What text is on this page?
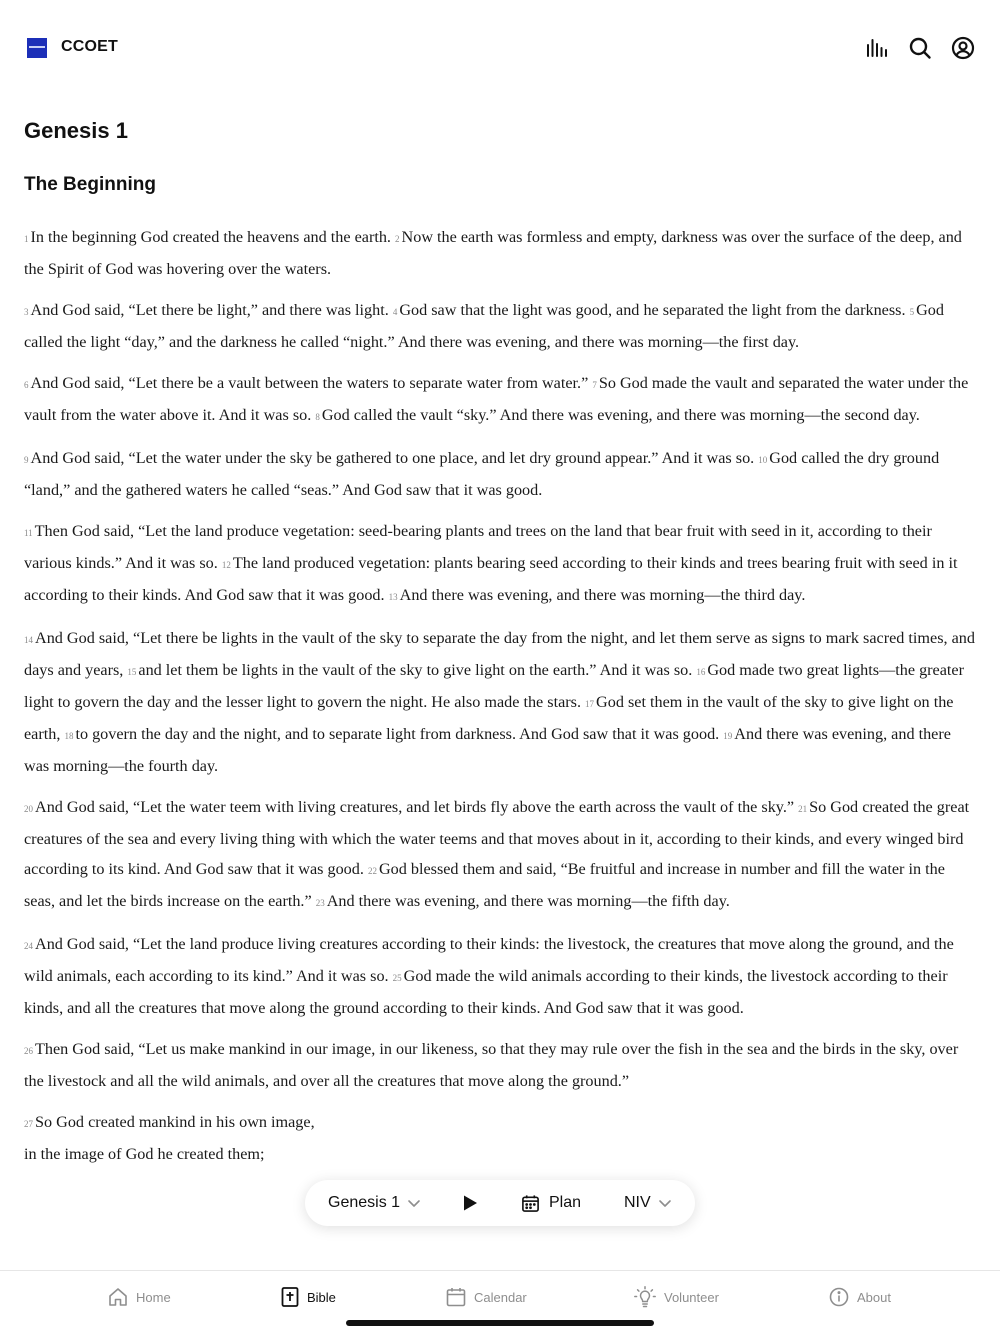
CCOET
Genesis 1
The Beginning

1 In the beginning God created the heavens and the earth. 2 Now the earth was formless and empty, darkness was over the surface of the deep, and the Spirit of God was hovering over the waters.

3 And God said, “Let there be light,” and there was light. 4 God saw that the light was good, and he separated the light from the darkness. 5 God called the light “day,” and the darkness he called “night.” And there was evening, and there was morning—the first day.

6 And God said, “Let there be a vault between the waters to separate water from water.” 7 So God made the vault and separated the water under the vault from the water above it. And it was so. 8 God called the vault “sky.” And there was evening, and there was morning—the second day.

9 And God said, “Let the water under the sky be gathered to one place, and let dry ground appear.” And it was so. 10 God called the dry ground “land,” and the gathered waters he called “seas.” And God saw that it was good.

11 Then God said, “Let the land produce vegetation: seed-bearing plants and trees on the land that bear fruit with seed in it, according to their various kinds.” And it was so. 12 The land produced vegetation: plants bearing seed according to their kinds and trees bearing fruit with seed in it according to their kinds. And God saw that it was good. 13 And there was evening, and there was morning—the third day.

14 And God said, “Let there be lights in the vault of the sky to separate the day from the night, and let them serve as signs to mark sacred times, and days and years, 15 and let them be lights in the vault of the sky to give light on the earth.” And it was so. 16 God made two great lights—the greater light to govern the day and the lesser light to govern the night. He also made the stars. 17 God set them in the vault of the sky to give light on the earth, 18 to govern the day and the night, and to separate light from darkness. And God saw that it was good. 19 And there was evening, and there was morning—the fourth day.

20 And God said, “Let the water teem with living creatures, and let birds fly above the earth across the vault of the sky.” 21 So God created the great creatures of the sea and every living thing with which the water teems and that moves about in it, according to their kinds, and every winged bird according to its kind. And God saw that it was good. 22 God blessed them and said, “Be fruitful and increase in number and fill the water in the seas, and let the birds increase on the earth.” 23 And there was evening, and there was morning—the fifth day.

24 And God said, “Let the land produce living creatures according to their kinds: the livestock, the creatures that move along the ground, and the wild animals, each according to its kind.” And it was so. 25 God made the wild animals according to their kinds, the livestock according to their kinds, and all the creatures that move along the ground according to their kinds. And God saw that it was good.

26 Then God said, “Let us make mankind in our image, in our likeness, so that they may rule over the fish in the sea and the birds in the sky, over the livestock and all the wild animals, and over all the creatures that move along the ground.”

27 So God created mankind in his own image,
in the image of God he created them;

Genesis 1	Plan	NIV
Home	Bible	Calendar	Volunteer	About
